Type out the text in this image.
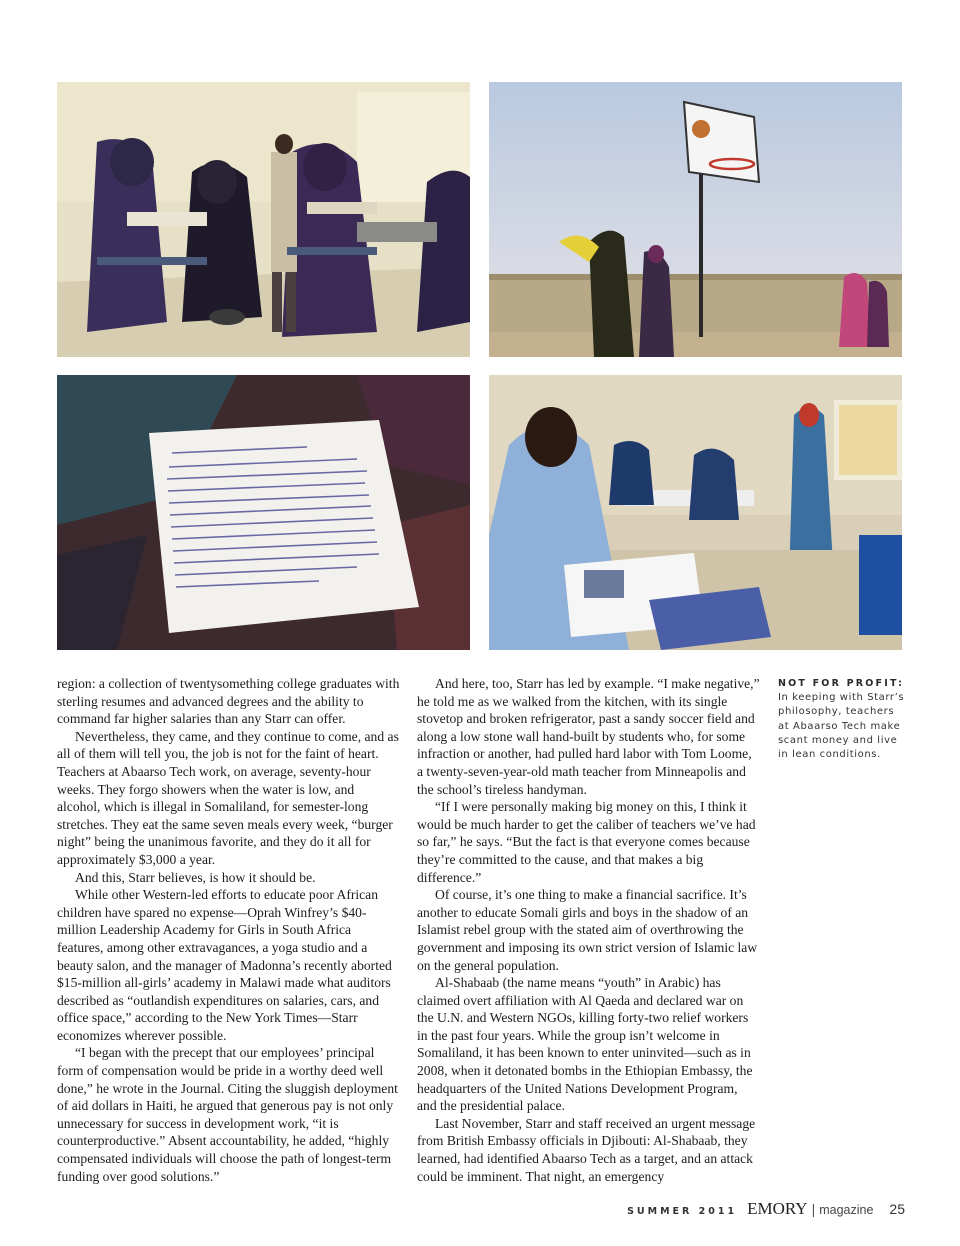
region: a collection of twentysomething college graduates with sterling resumes and advanced degrees and the ability to command far higher salaries than any Starr can offer.

Nevertheless, they came, and they continue to come, and as all of them will tell you, the job is not for the faint of heart. Teachers at Abaarso Tech work, on average, seventy-hour weeks. They forgo showers when the water is low, and alcohol, which is illegal in Somaliland, for semester-long stretches. They eat the same seven meals every week, “burger night” being the unanimous favorite, and they do it all for approximately $3,000 a year.

And this, Starr believes, is how it should be.

While other Western-led efforts to educate poor African children have spared no expense—Oprah Winfrey’s $40-million Leadership Academy for Girls in South Africa features, among other extravagances, a yoga studio and a beauty salon, and the manager of Madonna’s recently aborted $15-million all-girls’ academy in Malawi made what auditors described as “outlandish expenditures on salaries, cars, and office space,” according to the New York Times—Starr economizes wherever possible.

“I began with the precept that our employees’ principal form of compensation would be pride in a worthy deed well done,” he wrote in the Journal. Citing the sluggish deployment of aid dollars in Haiti, he argued that generous pay is not only unnecessary for success in development work, “it is counterproductive.” Absent accountability, he added, “highly compensated individuals will choose the path of longest-term funding over good solutions.”

And here, too, Starr has led by example. “I make negative,” he told me as we walked from the kitchen, with its single stovetop and broken refrigerator, past a sandy soccer field and along a low stone wall hand-built by students who, for some infraction or another, had pulled hard labor with Tom Loome, a twenty-seven-year-old math teacher from Minneapolis and the school’s tireless handyman.

“If I were personally making big money on this, I think it would be much harder to get the caliber of teachers we’ve had so far,” he says. “But the fact is that everyone comes because they’re committed to the cause, and that makes a big difference.”

Of course, it’s one thing to make a financial sacrifice. It’s another to educate Somali girls and boys in the shadow of an Islamist rebel group with the stated aim of overthrowing the government and imposing its own strict version of Islamic law on the general population.

Al-Shabaab (the name means “youth” in Arabic) has claimed overt affiliation with Al Qaeda and declared war on the U.N. and Western NGOs, killing forty-two relief workers in the past four years. While the group isn’t welcome in Somaliland, it has been known to enter uninvited—such as in 2008, when it detonated bombs in the Ethiopian Embassy, the headquarters of the United Nations Development Program, and the presidential palace.

Last November, Starr and staff received an urgent message from British Embassy officials in Djibouti: Al-Shabaab, they learned, had identified Abaarso Tech as a target, and an attack could be imminent. That night, an emergency

NOT FOR PROFIT:
In keeping with Starr’s philosophy, teachers at Abaarso Tech make scant money and live in lean conditions.
SUMMER 2011 EMORY | magazine 25
